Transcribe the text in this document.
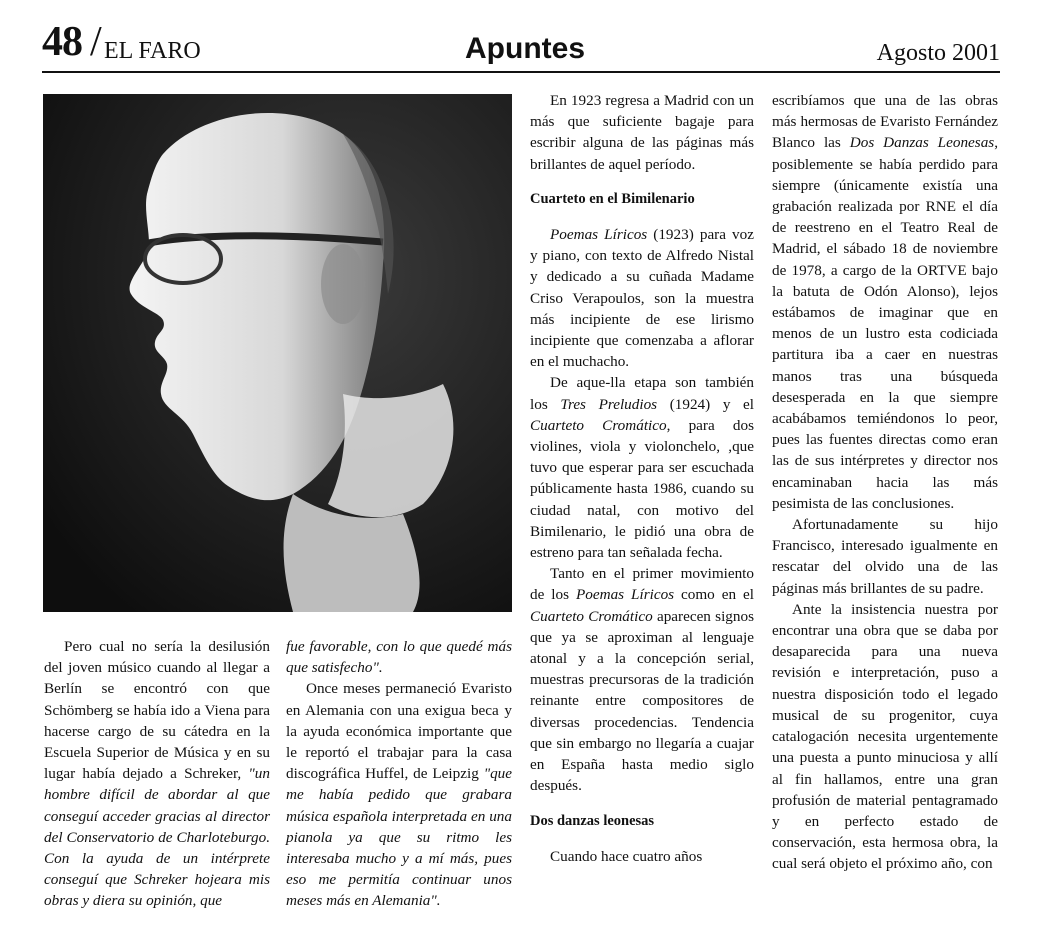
48 / EL FARO	Apuntes	Agosto 2001

Pero cual no sería la desilusión del joven músico cuando al llegar a Berlín se encontró con que Schömberg se había ido a Viena para hacerse cargo de su cátedra en la Escuela Superior de Música y en su lugar había dejado a Schreker, "un hombre difícil de abordar al que conseguí acceder gracias al director del Conservatorio de Charloteburgo. Con la ayuda de un intérprete conseguí que Schreker hojeara mis obras y diera su opinión, que

fue favorable, con lo que quedé más que satisfecho".

Once meses permaneció Evaristo en Alemania con una exigua beca y la ayuda económica importante que le reportó el trabajar para la casa discográfica Huffel, de Leipzig "que me había pedido que grabara música española interpretada en una pianola ya que su ritmo les interesaba mucho y a mí más, pues eso me permitía continuar unos meses más en Alemania".

En 1923 regresa a Madrid con un más que suficiente bagaje para escribir alguna de las páginas más brillantes de aquel período.

Cuarteto en el Bimilenario

Poemas Líricos (1923) para voz y piano, con texto de Alfredo Nistal y dedicado a su cuñada Madame Criso Verapoulos, son la muestra más incipiente de ese lirismo incipiente que comenzaba a aflorar en el muchacho.

De aque-lla etapa son también los Tres Preludios (1924) y el Cuarteto Cromático, para dos violines, viola y violonchelo, ,que tuvo que esperar para ser escuchada públicamente hasta 1986, cuando su ciudad natal, con motivo del Bimilenario, le pidió una obra de estreno para tan señalada fecha.

Tanto en el primer movimiento de los Poemas Líricos como en el Cuarteto Cromático aparecen signos que ya se aproximan al lenguaje atonal y a la concepción serial, muestras precursoras de la tradición reinante entre compositores de diversas procedencias. Tendencia que sin embargo no llegaría a cuajar en España hasta medio siglo después.

Dos danzas leonesas

Cuando hace cuatro años

escribíamos que una de las obras más hermosas de Evaristo Fernández Blanco las Dos Danzas Leonesas, posiblemente se había perdido para siempre (únicamente existía una grabación realizada por RNE el día de reestreno en el Teatro Real de Madrid, el sábado 18 de noviembre de 1978, a cargo de la ORTVE bajo la batuta de Odón Alonso), lejos estábamos de imaginar que en menos de un lustro esta codiciada partitura iba a caer en nuestras manos tras una búsqueda desesperada en la que siempre acabábamos temiéndonos lo peor, pues las fuentes directas como eran las de sus intérpretes y director nos encaminaban hacia las más pesimista de las conclusiones.

Afortunadamente su hijo Francisco, interesado igualmente en rescatar del olvido una de las páginas más brillantes de su padre.

Ante la insistencia nuestra por encontrar una obra que se daba por desaparecida para una nueva revisión e interpretación, puso a nuestra disposición todo el legado musical de su progenitor, cuya catalogación necesita urgentemente una puesta a punto minuciosa y allí al fin hallamos, entre una gran profusión de material pentagramado y en perfecto estado de conservación, esta hermosa obra, la cual será objeto el próximo año, con
